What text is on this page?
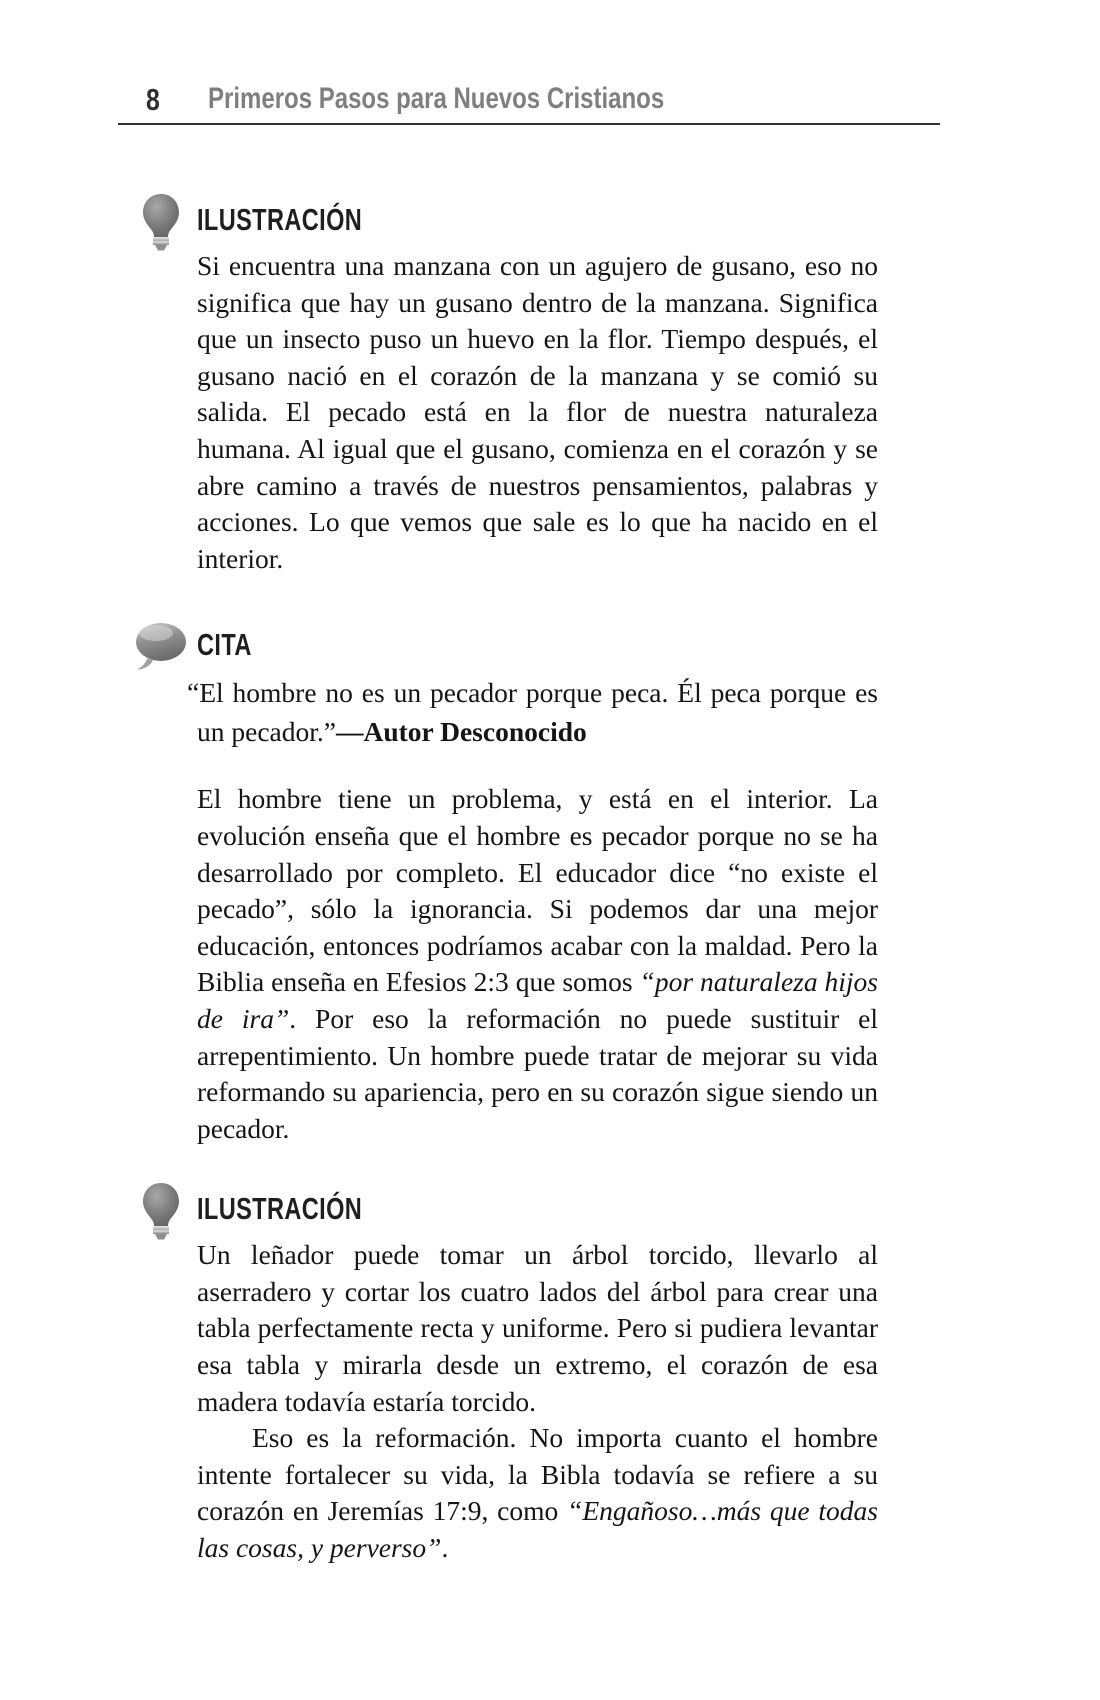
8 Primeros Pasos para Nuevos Cristianos
ILUSTRACIÓN

Si encuentra una manzana con un agujero de gusano, eso no significa que hay un gusano dentro de la manzana. Significa que un insecto puso un huevo en la flor. Tiempo después, el gusano nació en el corazón de la manzana y se comió su salida. El pecado está en la flor de nuestra naturaleza humana. Al igual que el gusano, comienza en el corazón y se abre camino a través de nuestros pensamientos, palabras y acciones. Lo que vemos que sale es lo que ha nacido en el interior.

CITA

“El hombre no es un pecador porque peca. Él peca porque es un pecador.”—Autor Desconocido

El hombre tiene un problema, y está en el interior. La evolución enseña que el hombre es pecador porque no se ha desarrollado por completo. El educador dice “no existe el pecado”, sólo la ignorancia. Si podemos dar una mejor educación, entonces podríamos acabar con la maldad. Pero la Biblia enseña en Efesios 2:3 que somos “por naturaleza hijos de ira”. Por eso la reformación no puede sustituir el arrepentimiento. Un hombre puede tratar de mejorar su vida reformando su apariencia, pero en su corazón sigue siendo un pecador.

ILUSTRACIÓN

Un leñador puede tomar un árbol torcido, llevarlo al aserradero y cortar los cuatro lados del árbol para crear una tabla perfectamente recta y uniforme. Pero si pudiera levantar esa tabla y mirarla desde un extremo, el corazón de esa madera todavía estaría torcido.

Eso es la reformación. No importa cuanto el hombre intente fortalecer su vida, la Bibla todavía se refiere a su corazón en Jeremías 17:9, como “Engañoso…más que todas las cosas, y perverso”.
